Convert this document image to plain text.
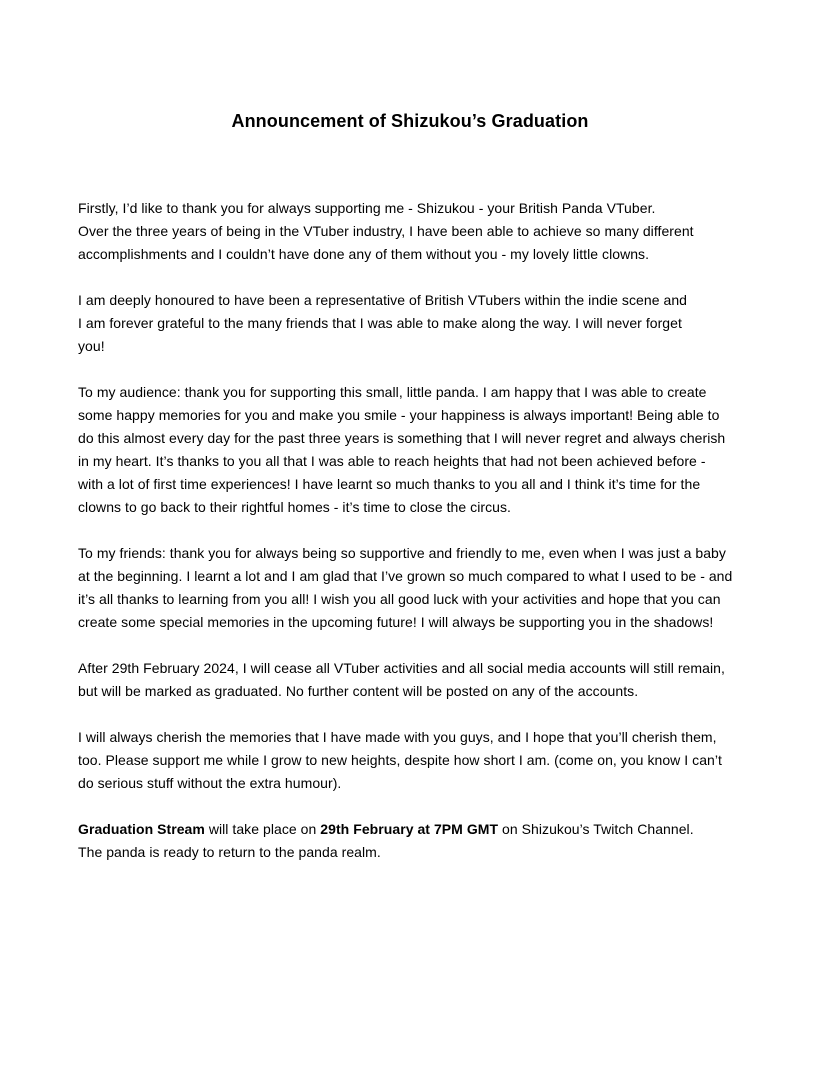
Announcement of Shizukou’s Graduation
Firstly, I’d like to thank you for always supporting me - Shizukou - your British Panda VTuber.
Over the three years of being in the VTuber industry, I have been able to achieve so many different
accomplishments and I couldn’t have done any of them without you - my lovely little clowns.
I am deeply honoured to have been a representative of British VTubers within the indie scene and
I am forever grateful to the many friends that I was able to make along the way. I will never forget
you!
To my audience: thank you for supporting this small, little panda. I am happy that I was able to create
some happy memories for you and make you smile - your happiness is always important! Being able to
do this almost every day for the past three years is something that I will never regret and always cherish
in my heart. It’s thanks to you all that I was able to reach heights that had not been achieved before -
with a lot of first time experiences! I have learnt so much thanks to you all and I think it’s time for the
clowns to go back to their rightful homes - it’s time to close the circus.
To my friends: thank you for always being so supportive and friendly to me, even when I was just a baby
at the beginning. I learnt a lot and I am glad that I’ve grown so much compared to what I used to be - and
it’s all thanks to learning from you all! I wish you all good luck with your activities and hope that you can
create some special memories in the upcoming future! I will always be supporting you in the shadows!
After 29th February 2024, I will cease all VTuber activities and all social media accounts will still remain,
but will be marked as graduated. No further content will be posted on any of the accounts.
I will always cherish the memories that I have made with you guys, and I hope that you’ll cherish them,
too. Please support me while I grow to new heights, despite how short I am. (come on, you know I can’t
do serious stuff without the extra humour).
Graduation Stream will take place on 29th February at 7PM GMT on Shizukou’s Twitch Channel.
The panda is ready to return to the panda realm.
